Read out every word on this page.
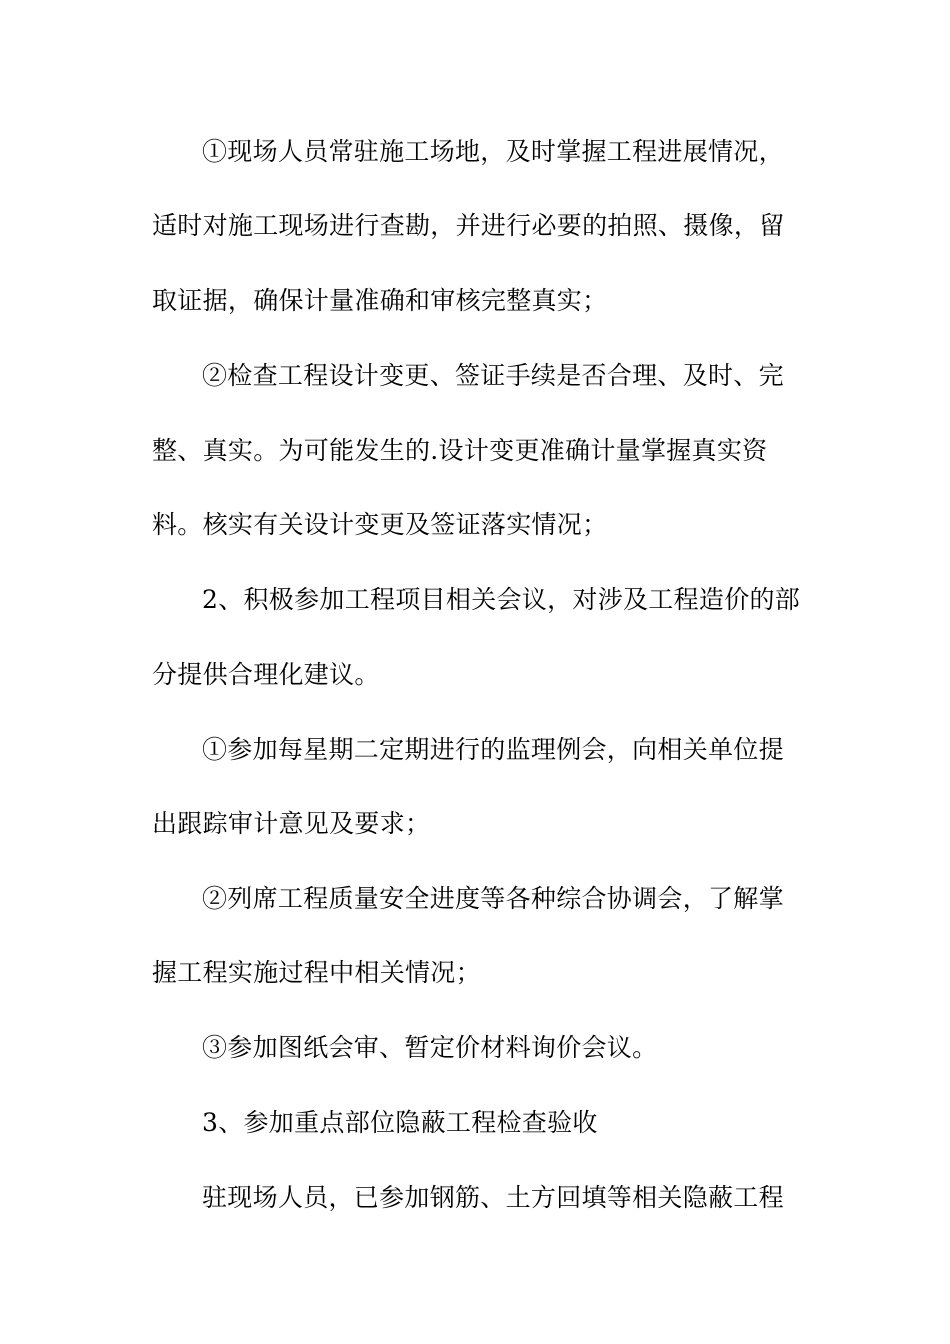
①现场人员常驻施工场地，及时掌握工程进展情况，

适时对施工现场进行查勘，并进行必要的拍照、摄像，留

取证据，确保计量准确和审核完整真实；

②检查工程设计变更、签证手续是否合理、及时、完

整、真实。为可能发生的.设计变更准确计量掌握真实资

料。核实有关设计变更及签证落实情况；

2、积极参加工程项目相关会议，对涉及工程造价的部

分提供合理化建议。

①参加每星期二定期进行的监理例会，向相关单位提

出跟踪审计意见及要求；

②列席工程质量安全进度等各种综合协调会，了解掌

握工程实施过程中相关情况；

③参加图纸会审、暂定价材料询价会议。

3、参加重点部位隐蔽工程检查验收

驻现场人员，已参加钢筋、土方回填等相关隐蔽工程
